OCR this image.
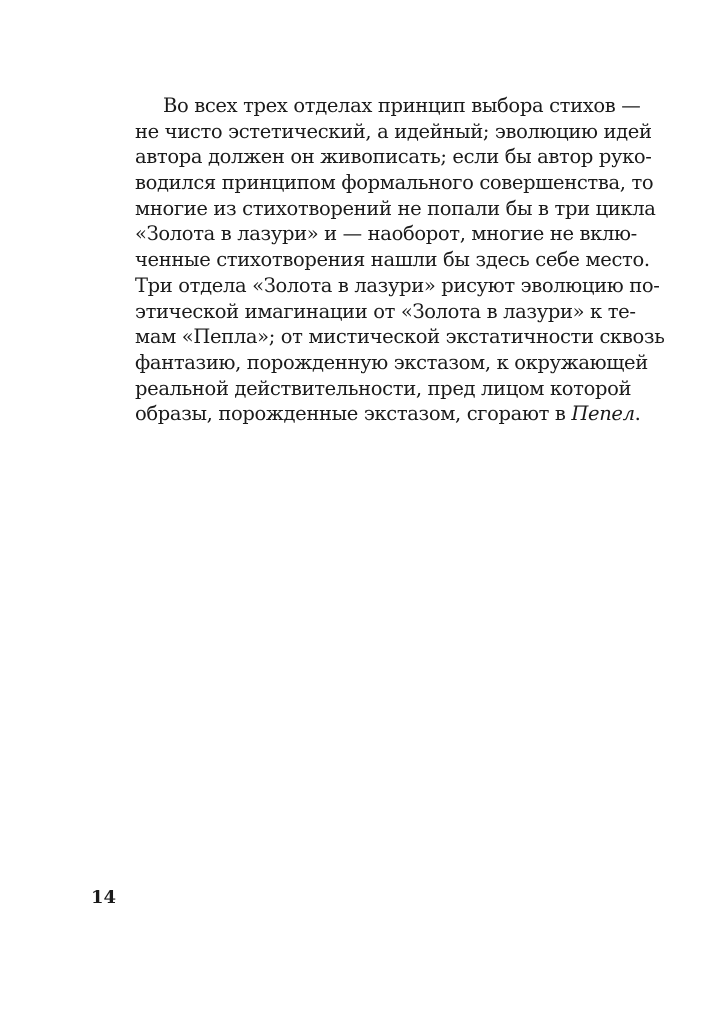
Во всех трех отделах принцип выбора стихов —
не чисто эстетический, а идейный; эволюцию идей
автора должен он живописать; если бы автор руко-
водился принципом формального совершенства, то
многие из стихотворений не попали бы в три цикла
«Золота в лазури» и — наоборот, многие не вклю-
ченные стихотворения нашли бы здесь себе место.
Три отдела «Золота в лазури» рисуют эволюцию по-
этической имагинации от «Золота в лазури» к те-
мам «Пепла»; от мистической экстатичности сквозь
фантазию, порожденную экстазом, к окружающей
реальной действительности, пред лицом которой
образы, порожденные экстазом, сгорают в Пепел.
14
